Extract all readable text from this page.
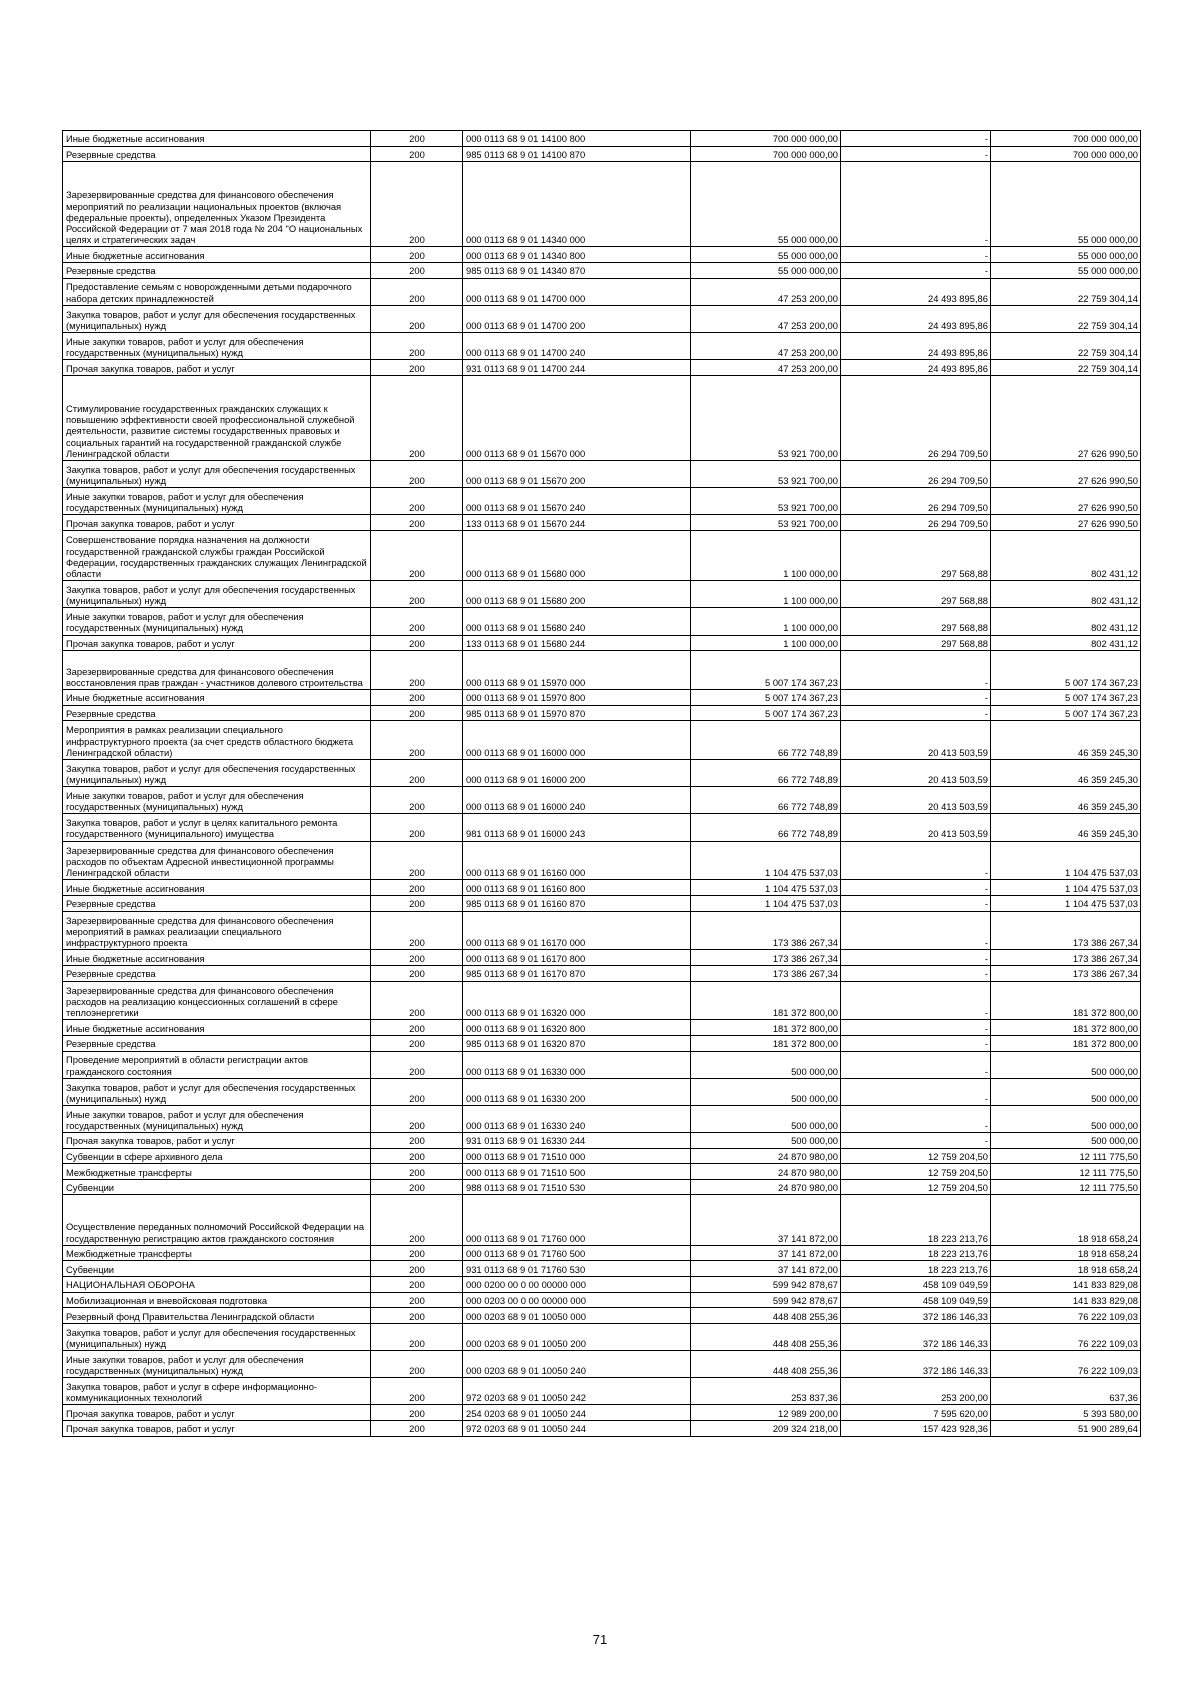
Иные бюджетные ассигнования	200	000 0113 68 9 01 14100 800	700 000 000,00	-	700 000 000,00
Резервные средства	200	985 0113 68 9 01 14100 870	700 000 000,00	-	700 000 000,00
Зарезервированные средства для финансового обеспечения мероприятий по реализации национальных проектов (включая федеральные проекты), определенных Указом Президента Российской Федерации от 7 мая 2018 года № 204 "О национальных целях и стратегических задач	200	000 0113 68 9 01 14340 000	55 000 000,00	-	55 000 000,00
Иные бюджетные ассигнования	200	000 0113 68 9 01 14340 800	55 000 000,00	-	55 000 000,00
Резервные средства	200	985 0113 68 9 01 14340 870	55 000 000,00	-	55 000 000,00
Предоставление семьям с новорожденными детьми подарочного набора детских принадлежностей	200	000 0113 68 9 01 14700 000	47 253 200,00	24 493 895,86	22 759 304,14
Закупка товаров, работ и услуг для обеспечения государственных (муниципальных) нужд	200	000 0113 68 9 01 14700 200	47 253 200,00	24 493 895,86	22 759 304,14
Иные закупки товаров, работ и услуг для обеспечения государственных (муниципальных) нужд	200	000 0113 68 9 01 14700 240	47 253 200,00	24 493 895,86	22 759 304,14
Прочая закупка товаров, работ и услуг	200	931 0113 68 9 01 14700 244	47 253 200,00	24 493 895,86	22 759 304,14
Стимулирование государственных гражданских служащих к повышению эффективности своей профессиональной служебной деятельности, развитие системы государственных правовых и социальных гарантий на государственной гражданской службе Ленинградской области	200	000 0113 68 9 01 15670 000	53 921 700,00	26 294 709,50	27 626 990,50
Закупка товаров, работ и услуг для обеспечения государственных (муниципальных) нужд	200	000 0113 68 9 01 15670 200	53 921 700,00	26 294 709,50	27 626 990,50
Иные закупки товаров, работ и услуг для обеспечения государственных (муниципальных) нужд	200	000 0113 68 9 01 15670 240	53 921 700,00	26 294 709,50	27 626 990,50
Прочая закупка товаров, работ и услуг	200	133 0113 68 9 01 15670 244	53 921 700,00	26 294 709,50	27 626 990,50
Совершенствование порядка назначения на должности государственной гражданской службы граждан Российской Федерации, государственных гражданских служащих Ленинградской области	200	000 0113 68 9 01 15680 000	1 100 000,00	297 568,88	802 431,12
Закупка товаров, работ и услуг для обеспечения государственных (муниципальных) нужд	200	000 0113 68 9 01 15680 200	1 100 000,00	297 568,88	802 431,12
Иные закупки товаров, работ и услуг для обеспечения государственных (муниципальных) нужд	200	000 0113 68 9 01 15680 240	1 100 000,00	297 568,88	802 431,12
Прочая закупка товаров, работ и услуг	200	133 0113 68 9 01 15680 244	1 100 000,00	297 568,88	802 431,12
Зарезервированные средства для финансового обеспечения восстановления прав граждан - участников долевого строительства	200	000 0113 68 9 01 15970 000	5 007 174 367,23	-	5 007 174 367,23
Иные бюджетные ассигнования	200	000 0113 68 9 01 15970 800	5 007 174 367,23	-	5 007 174 367,23
Резервные средства	200	985 0113 68 9 01 15970 870	5 007 174 367,23	-	5 007 174 367,23
Мероприятия в рамках реализации специального инфраструктурного проекта (за счет средств областного бюджета Ленинградской области)	200	000 0113 68 9 01 16000 000	66 772 748,89	20 413 503,59	46 359 245,30
Закупка товаров, работ и услуг для обеспечения государственных (муниципальных) нужд	200	000 0113 68 9 01 16000 200	66 772 748,89	20 413 503,59	46 359 245,30
Иные закупки товаров, работ и услуг для обеспечения государственных (муниципальных) нужд	200	000 0113 68 9 01 16000 240	66 772 748,89	20 413 503,59	46 359 245,30
Закупка товаров, работ и услуг в целях капитального ремонта государственного (муниципального) имущества	200	981 0113 68 9 01 16000 243	66 772 748,89	20 413 503,59	46 359 245,30
Зарезервированные средства для финансового обеспечения расходов по объектам Адресной инвестиционной программы Ленинградской области	200	000 0113 68 9 01 16160 000	1 104 475 537,03	-	1 104 475 537,03
Иные бюджетные ассигнования	200	000 0113 68 9 01 16160 800	1 104 475 537,03	-	1 104 475 537,03
Резервные средства	200	985 0113 68 9 01 16160 870	1 104 475 537,03	-	1 104 475 537,03
Зарезервированные средства для финансового обеспечения мероприятий в рамках реализации специального инфраструктурного проекта	200	000 0113 68 9 01 16170 000	173 386 267,34	-	173 386 267,34
Иные бюджетные ассигнования	200	000 0113 68 9 01 16170 800	173 386 267,34	-	173 386 267,34
Резервные средства	200	985 0113 68 9 01 16170 870	173 386 267,34	-	173 386 267,34
Зарезервированные средства для финансового обеспечения расходов на реализацию концессионных соглашений в сфере теплоэнергетики	200	000 0113 68 9 01 16320 000	181 372 800,00	-	181 372 800,00
Иные бюджетные ассигнования	200	000 0113 68 9 01 16320 800	181 372 800,00	-	181 372 800,00
Резервные средства	200	985 0113 68 9 01 16320 870	181 372 800,00	-	181 372 800,00
Проведение мероприятий в области регистрации актов гражданского состояния	200	000 0113 68 9 01 16330 000	500 000,00	-	500 000,00
Закупка товаров, работ и услуг для обеспечения государственных (муниципальных) нужд	200	000 0113 68 9 01 16330 200	500 000,00	-	500 000,00
Иные закупки товаров, работ и услуг для обеспечения государственных (муниципальных) нужд	200	000 0113 68 9 01 16330 240	500 000,00	-	500 000,00
Прочая закупка товаров, работ и услуг	200	931 0113 68 9 01 16330 244	500 000,00	-	500 000,00
Субвенции в сфере архивного дела	200	000 0113 68 9 01 71510 000	24 870 980,00	12 759 204,50	12 111 775,50
Межбюджетные трансферты	200	000 0113 68 9 01 71510 500	24 870 980,00	12 759 204,50	12 111 775,50
Субвенции	200	988 0113 68 9 01 71510 530	24 870 980,00	12 759 204,50	12 111 775,50
Осуществление переданных полномочий Российской Федерации на государственную регистрацию актов гражданского состояния	200	000 0113 68 9 01 71760 000	37 141 872,00	18 223 213,76	18 918 658,24
Межбюджетные трансферты	200	000 0113 68 9 01 71760 500	37 141 872,00	18 223 213,76	18 918 658,24
Субвенции	200	931 0113 68 9 01 71760 530	37 141 872,00	18 223 213,76	18 918 658,24
НАЦИОНАЛЬНАЯ ОБОРОНА	200	000 0200 00 0 00 00000 000	599 942 878,67	458 109 049,59	141 833 829,08
Мобилизационная и вневойсковая подготовка	200	000 0203 00 0 00 00000 000	599 942 878,67	458 109 049,59	141 833 829,08
Резервный фонд Правительства Ленинградской области	200	000 0203 68 9 01 10050 000	448 408 255,36	372 186 146,33	76 222 109,03
Закупка товаров, работ и услуг для обеспечения государственных (муниципальных) нужд	200	000 0203 68 9 01 10050 200	448 408 255,36	372 186 146,33	76 222 109,03
Иные закупки товаров, работ и услуг для обеспечения государственных (муниципальных) нужд	200	000 0203 68 9 01 10050 240	448 408 255,36	372 186 146,33	76 222 109,03
Закупка товаров, работ и услуг в сфере информационно-коммуникационных технологий	200	972 0203 68 9 01 10050 242	253 837,36	253 200,00	637,36
Прочая закупка товаров, работ и услуг	200	254 0203 68 9 01 10050 244	12 989 200,00	7 595 620,00	5 393 580,00
Прочая закупка товаров, работ и услуг	200	972 0203 68 9 01 10050 244	209 324 218,00	157 423 928,36	51 900 289,64
71
